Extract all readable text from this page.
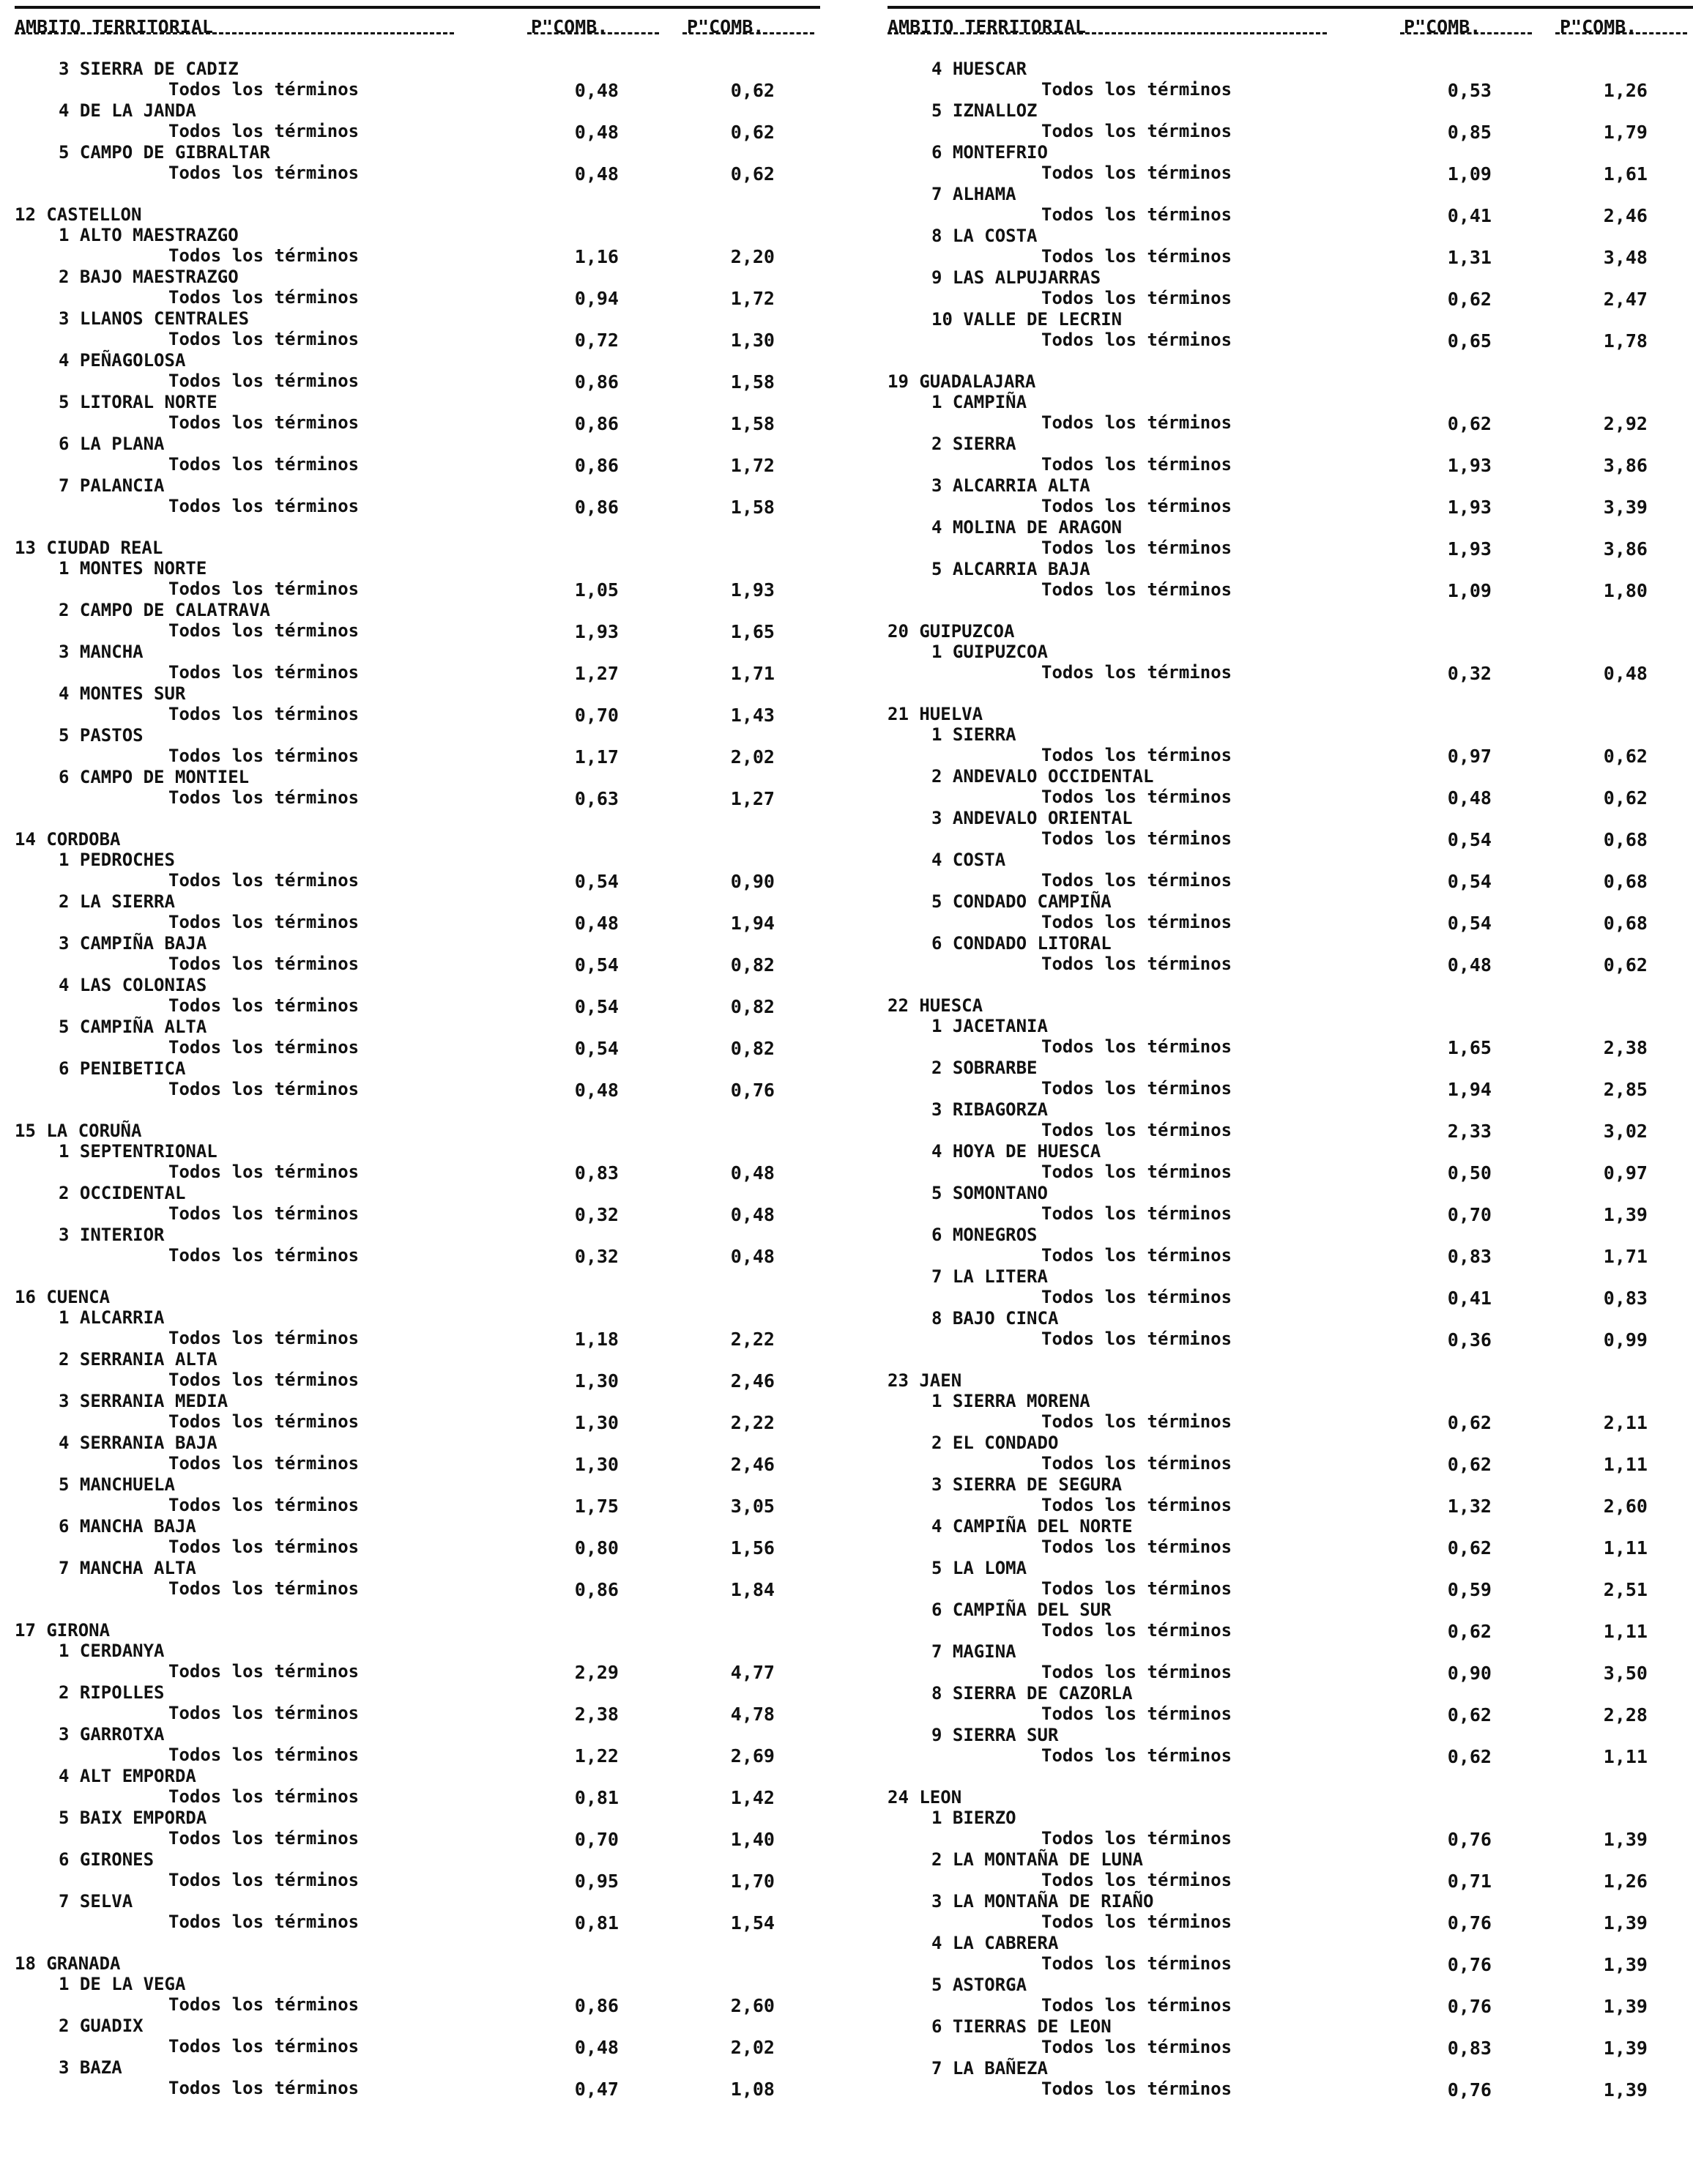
AMBITO TERRITORIAL	P"COMB.	P"COMB.
3 SIERRA DE CADIZ
Todos los términos	0,48	0,62
4 DE LA JANDA
Todos los términos	0,48	0,62
5 CAMPO DE GIBRALTAR
Todos los términos	0,48	0,62
12 CASTELLON
1 ALTO MAESTRAZGO
Todos los términos	1,16	2,20
2 BAJO MAESTRAZGO
Todos los términos	0,94	1,72
3 LLANOS CENTRALES
Todos los términos	0,72	1,30
4 PEÑAGOLOSA
Todos los términos	0,86	1,58
5 LITORAL NORTE
Todos los términos	0,86	1,58
6 LA PLANA
Todos los términos	0,86	1,72
7 PALANCIA
Todos los términos	0,86	1,58
13 CIUDAD REAL
1 MONTES NORTE
Todos los términos	1,05	1,93
2 CAMPO DE CALATRAVA
Todos los términos	1,93	1,65
3 MANCHA
Todos los términos	1,27	1,71
4 MONTES SUR
Todos los términos	0,70	1,43
5 PASTOS
Todos los términos	1,17	2,02
6 CAMPO DE MONTIEL
Todos los términos	0,63	1,27
14 CORDOBA
1 PEDROCHES
Todos los términos	0,54	0,90
2 LA SIERRA
Todos los términos	0,48	1,94
3 CAMPIÑA BAJA
Todos los términos	0,54	0,82
4 LAS COLONIAS
Todos los términos	0,54	0,82
5 CAMPIÑA ALTA
Todos los términos	0,54	0,82
6 PENIBETICA
Todos los términos	0,48	0,76
15 LA CORUÑA
1 SEPTENTRIONAL
Todos los términos	0,83	0,48
2 OCCIDENTAL
Todos los términos	0,32	0,48
3 INTERIOR
Todos los términos	0,32	0,48
16 CUENCA
1 ALCARRIA
Todos los términos	1,18	2,22
2 SERRANIA ALTA
Todos los términos	1,30	2,46
3 SERRANIA MEDIA
Todos los términos	1,30	2,22
4 SERRANIA BAJA
Todos los términos	1,30	2,46
5 MANCHUELA
Todos los términos	1,75	3,05
6 MANCHA BAJA
Todos los términos	0,80	1,56
7 MANCHA ALTA
Todos los términos	0,86	1,84
17 GIRONA
1 CERDANYA
Todos los términos	2,29	4,77
2 RIPOLLES
Todos los términos	2,38	4,78
3 GARROTXA
Todos los términos	1,22	2,69
4 ALT EMPORDA
Todos los términos	0,81	1,42
5 BAIX EMPORDA
Todos los términos	0,70	1,40
6 GIRONES
Todos los términos	0,95	1,70
7 SELVA
Todos los términos	0,81	1,54
18 GRANADA
1 DE LA VEGA
Todos los términos	0,86	2,60
2 GUADIX
Todos los términos	0,48	2,02
3 BAZA
Todos los términos	0,47	1,08
AMBITO TERRITORIAL	P"COMB.	P"COMB.
4 HUESCAR
Todos los términos	0,53	1,26
5 IZNALLOZ
Todos los términos	0,85	1,79
6 MONTEFRIO
Todos los términos	1,09	1,61
7 ALHAMA
Todos los términos	0,41	2,46
8 LA COSTA
Todos los términos	1,31	3,48
9 LAS ALPUJARRAS
Todos los términos	0,62	2,47
10 VALLE DE LECRIN
Todos los términos	0,65	1,78
19 GUADALAJARA
1 CAMPIÑA
Todos los términos	0,62	2,92
2 SIERRA
Todos los términos	1,93	3,86
3 ALCARRIA ALTA
Todos los términos	1,93	3,39
4 MOLINA DE ARAGON
Todos los términos	1,93	3,86
5 ALCARRIA BAJA
Todos los términos	1,09	1,80
20 GUIPUZCOA
1 GUIPUZCOA
Todos los términos	0,32	0,48
21 HUELVA
1 SIERRA
Todos los términos	0,97	0,62
2 ANDEVALO OCCIDENTAL
Todos los términos	0,48	0,62
3 ANDEVALO ORIENTAL
Todos los términos	0,54	0,68
4 COSTA
Todos los términos	0,54	0,68
5 CONDADO CAMPIÑA
Todos los términos	0,54	0,68
6 CONDADO LITORAL
Todos los términos	0,48	0,62
22 HUESCA
1 JACETANIA
Todos los términos	1,65	2,38
2 SOBRARBE
Todos los términos	1,94	2,85
3 RIBAGORZA
Todos los términos	2,33	3,02
4 HOYA DE HUESCA
Todos los términos	0,50	0,97
5 SOMONTANO
Todos los términos	0,70	1,39
6 MONEGROS
Todos los términos	0,83	1,71
7 LA LITERA
Todos los términos	0,41	0,83
8 BAJO CINCA
Todos los términos	0,36	0,99
23 JAEN
1 SIERRA MORENA
Todos los términos	0,62	2,11
2 EL CONDADO
Todos los términos	0,62	1,11
3 SIERRA DE SEGURA
Todos los términos	1,32	2,60
4 CAMPIÑA DEL NORTE
Todos los términos	0,62	1,11
5 LA LOMA
Todos los términos	0,59	2,51
6 CAMPIÑA DEL SUR
Todos los términos	0,62	1,11
7 MAGINA
Todos los términos	0,90	3,50
8 SIERRA DE CAZORLA
Todos los términos	0,62	2,28
9 SIERRA SUR
Todos los términos	0,62	1,11
24 LEON
1 BIERZO
Todos los términos	0,76	1,39
2 LA MONTAÑA DE LUNA
Todos los términos	0,71	1,26
3 LA MONTAÑA DE RIAÑO
Todos los términos	0,76	1,39
4 LA CABRERA
Todos los términos	0,76	1,39
5 ASTORGA
Todos los términos	0,76	1,39
6 TIERRAS DE LEON
Todos los términos	0,83	1,39
7 LA BAÑEZA
Todos los términos	0,76	1,39
